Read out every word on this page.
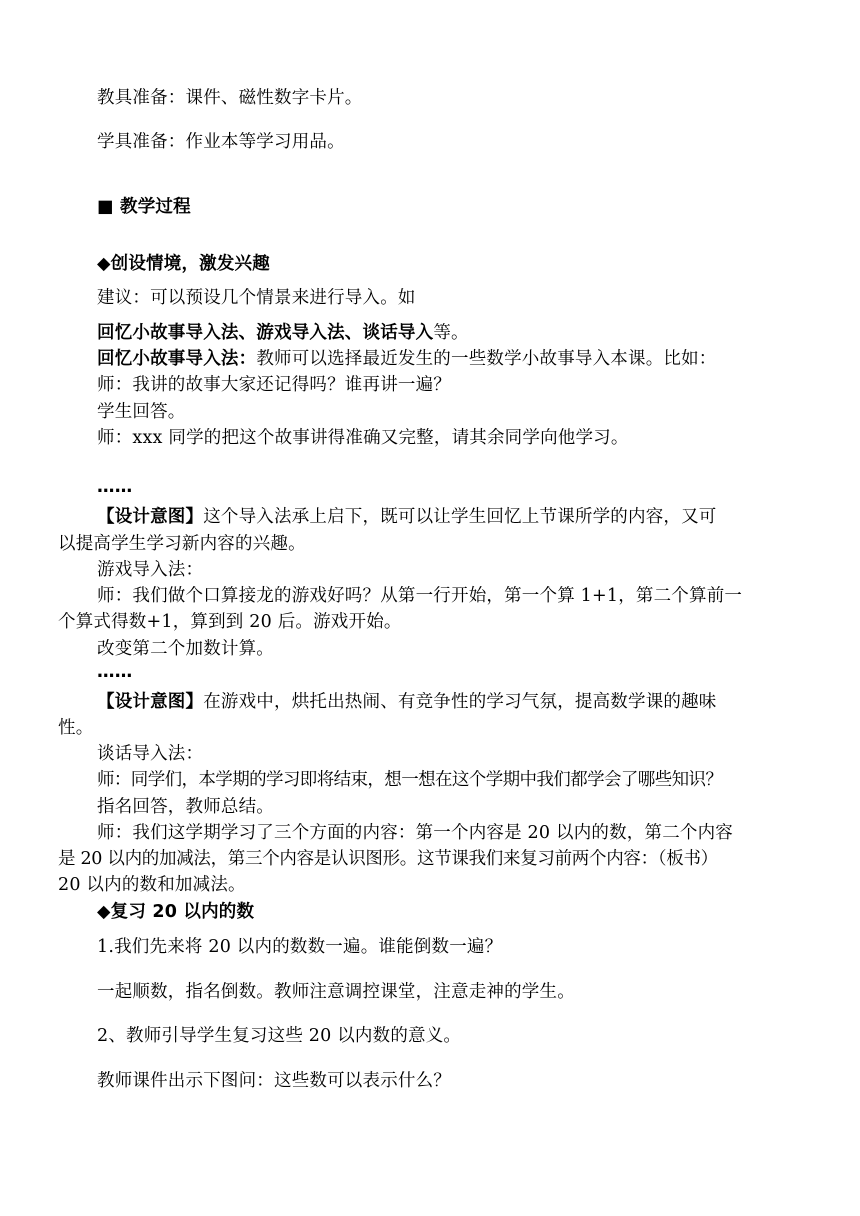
教具准备：课件、磁性数字卡片。
学具准备：作业本等学习用品。
■ 教学过程
◆创设情境，激发兴趣
建议：可以预设几个情景来进行导入。如
回忆小故事导入法、游戏导入法、谈话导入等。
回忆小故事导入法：教师可以选择最近发生的一些数学小故事导入本课。比如：
师：我讲的故事大家还记得吗？谁再讲一遍？
学生回答。
师：xxx 同学的把这个故事讲得准确又完整，请其余同学向他学习。
……
【设计意图】这个导入法承上启下，既可以让学生回忆上节课所学的内容，又可
以提高学生学习新内容的兴趣。
游戏导入法：
师：我们做个口算接龙的游戏好吗？从第一行开始，第一个算 1+1，第二个算前一
个算式得数+1，算到到 20 后。游戏开始。
改变第二个加数计算。
……
【设计意图】在游戏中，烘托出热闹、有竞争性的学习气氛，提高数学课的趣味
性。
谈话导入法：
师：同学们，本学期的学习即将结束，想一想在这个学期中我们都学会了哪些知识？
指名回答，教师总结。
师：我们这学期学习了三个方面的内容：第一个内容是 20 以内的数，第二个内容
是 20 以内的加减法，第三个内容是认识图形。这节课我们来复习前两个内容：（板书）
20 以内的数和加减法。
◆复习 20 以内的数
1.我们先来将 20 以内的数数一遍。谁能倒数一遍？
一起顺数，指名倒数。教师注意调控课堂，注意走神的学生。
2、教师引导学生复习这些 20 以内数的意义。
教师课件出示下图问：这些数可以表示什么？
